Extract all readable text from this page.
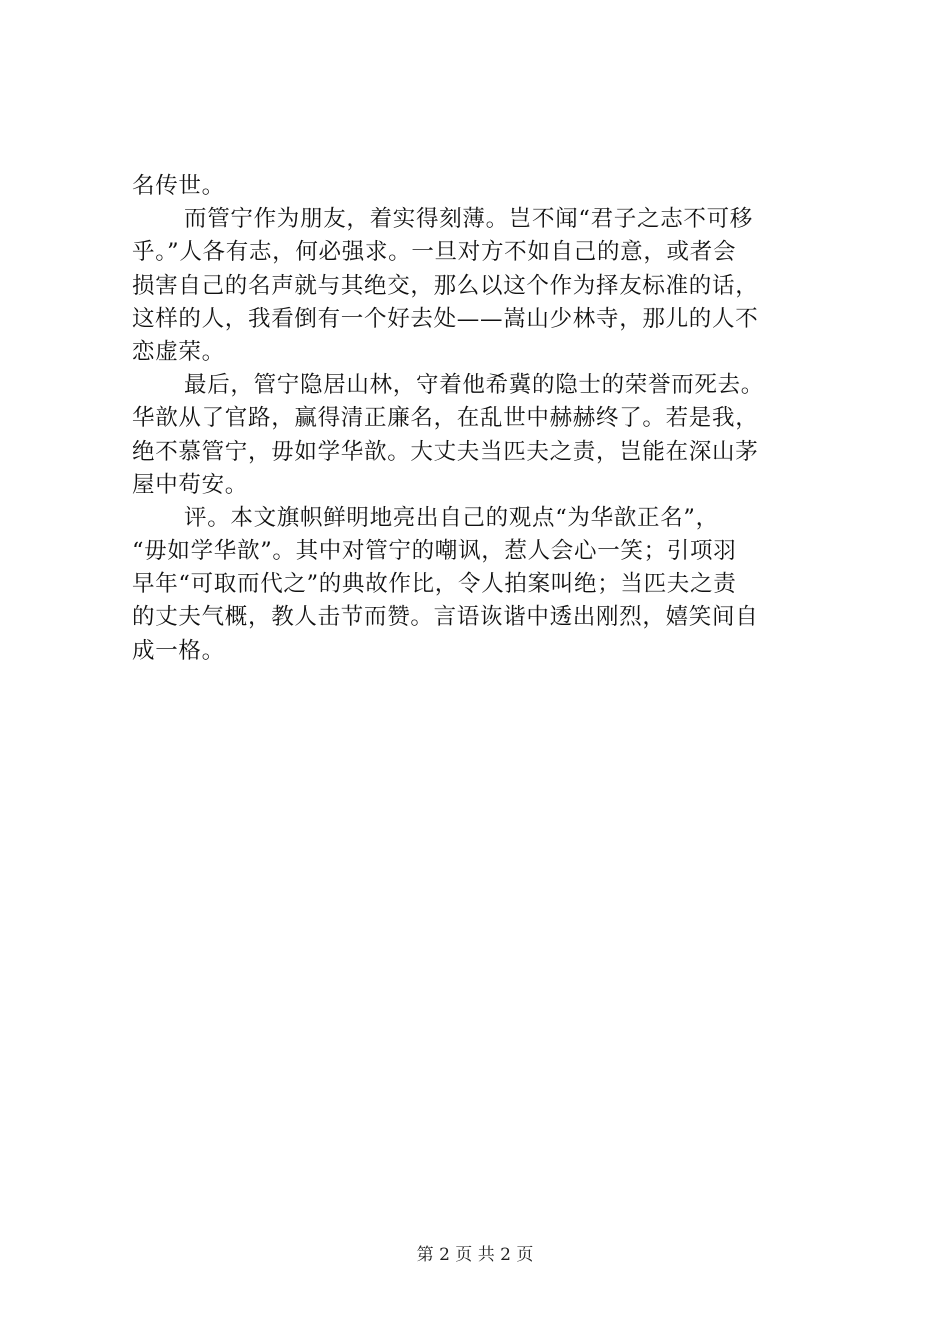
名传世。
而管宁作为朋友，着实得刻薄。岂不闻“君子之志不可移
乎。”人各有志，何必强求。一旦对方不如自己的意，或者会
损害自己的名声就与其绝交，那么以这个作为择友标准的话，
这样的人，我看倒有一个好去处——嵩山少林寺，那儿的人不
恋虚荣。
最后，管宁隐居山林，守着他希冀的隐士的荣誉而死去。
华歆从了官路，赢得清正廉名，在乱世中赫赫终了。若是我，
绝不慕管宁，毋如学华歆。大丈夫当匹夫之责，岂能在深山茅
屋中苟安。
评。本文旗帜鲜明地亮出自己的观点“为华歆正名”，
“毋如学华歆”。其中对管宁的嘲讽，惹人会心一笑；引项羽
早年“可取而代之”的典故作比，令人拍案叫绝；当匹夫之责
的丈夫气概，教人击节而赞。言语诙谐中透出刚烈，嬉笑间自
成一格。
第 2 页 共 2 页
